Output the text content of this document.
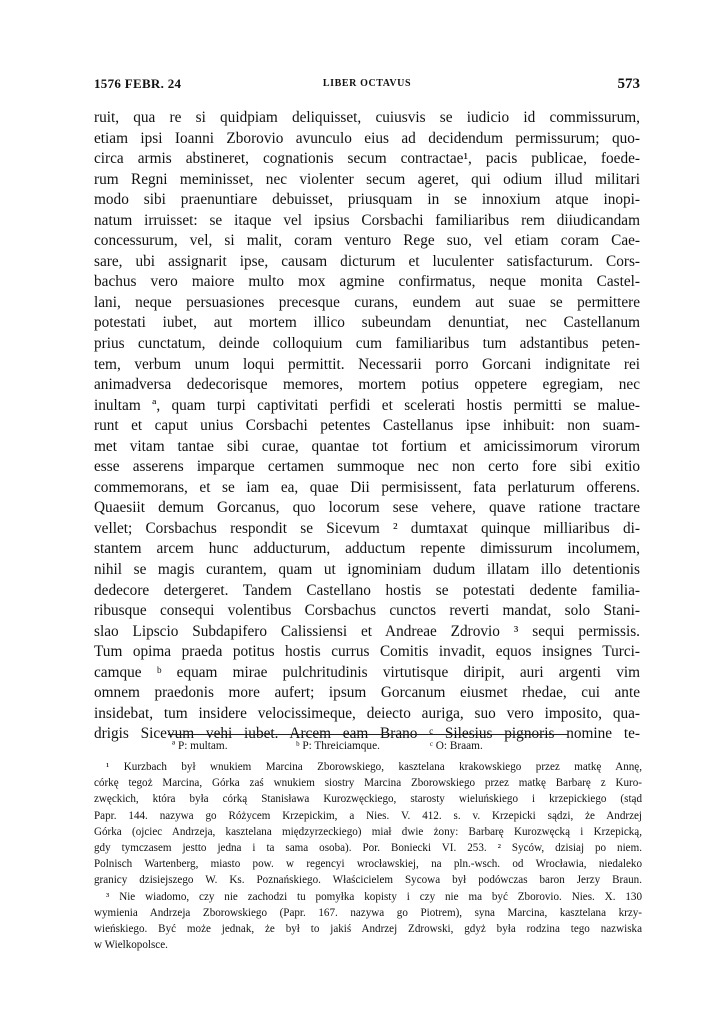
1576 FEBR. 24	LIBER OCTAVUS	573
ruit, qua re si quidpiam deliquisset, cuiusvis se iudicio id commissurum,
etiam ipsi Ioanni Zborovio avunculo eius ad decidendum permissurum; quo-
circa armis abstineret, cognationis secum contractae¹, pacis publicae, foede-
rum Regni meminisset, nec violenter secum ageret, qui odium illud militari
modo sibi praenuntiare debuisset, priusquam in se innoxium atque inopi-
natum irruisset: se itaque vel ipsius Corsbachi familiaribus rem diiudicandam
concessurum, vel, si malit, coram venturo Rege suo, vel etiam coram Cae-
sare, ubi assignarit ipse, causam dicturum et luculenter satisfacturum. Cors-
bachus vero maiore multo mox agmine confirmatus, neque monita Castel-
lani, neque persuasiones precesque curans, eundem aut suae se permittere
potestati iubet, aut mortem illico subeundam denuntiat, nec Castellanum
prius cunctatum, deinde colloquium cum familiaribus tum adstantibus peten-
tem, verbum unum loqui permittit. Necessarii porro Gorcani indignitate rei
animadversa dedecorisque memores, mortem potius oppetere egregiam, nec
inultam ª, quam turpi captivitati perfidi et scelerati hostis permitti se malue-
runt et caput unius Corsbachi petentes Castellanus ipse inhibuit: non suam-
met vitam tantae sibi curae, quantae tot fortium et amicissimorum virorum
esse asserens imparque certamen summoque nec non certo fore sibi exitio
commemorans, et se iam ea, quae Dii permisissent, fata perlaturum offerens.
Quaesiit demum Gorcanus, quo locorum sese vehere, quave ratione tractare
vellet; Corsbachus respondit se Sicevum ² dumtaxat quinque milliaribus di-
stantem arcem hunc adducturum, adductum repente dimissurum incolumem,
nihil se magis curantem, quam ut ignominiam dudum illatam illo detentionis
dedecore detergeret. Tandem Castellano hostis se potestati dedente familia-
ribusque consequi volentibus Corsbachus cunctos reverti mandat, solo Stani-
slao Lipscio Subdapifero Calissiensi et Andreae Zdrovio ³ sequi permissis.
Tum opima praeda potitus hostis currus Comitis invadit, equos insignes Turci-
camque ᵇ equam mirae pulchritudinis virtutisque diripit, auri argenti vim
omnem praedonis more aufert; ipsum Gorcanum eiusmet rhedae, cui ante
insidebat, tum insidere velocissimeque, deiecto auriga, suo vero imposito, qua-
drigis Sicevum vehi iubet. Arcem eam Brano ᶜ Silesius pignoris nomine te-
ª P: multam.	ᵇ P: Threiciamque.	ᶜ O: Braam.
¹ Kurzbach był wnukiem Marcina Zborowskiego, kasztelana krakowskiego przez matkę Annę,
córkę tegoż Marcina, Górka zaś wnukiem siostry Marcina Zborowskiego przez matkę Barbarę z Kuro-
zwęckich, która była córką Stanisława Kurozwęckiego, starosty wieluńskiego i krzepickiego (stąd
Papr. 144. nazywa go Różycem Krzepickim, a Nies. V. 412. s. v. Krzepicki sądzi, że Andrzej
Górka (ojciec Andrzeja, kasztelana międzyrzeckiego) miał dwie żony: Barbarę Kurozwęcką i Krzepicką,
gdy tymczasem jestto jedna i ta sama osoba). Por. Boniecki VI. 253. ² Syców, dzisiaj po niem.
Polnisch Wartenberg, miasto pow. w regencyi wrocławskiej, na pln.-wsch. od Wrocławia, niedaleko
granicy dzisiejszego W. Ks. Poznańskiego. Właścicielem Sycowa był podówczas baron Jerzy Braun.
³ Nie wiadomo, czy nie zachodzi tu pomyłka kopisty i czy nie ma być Zborovio. Nies. X. 130
wymienia Andrzeja Zborowskiego (Papr. 167. nazywa go Piotrem), syna Marcina, kasztelana krzy-
wieńskiego. Być może jednak, że był to jakiś Andrzej Zdrowski, gdyż była rodzina tego nazwiska
w Wielkopolsce.
